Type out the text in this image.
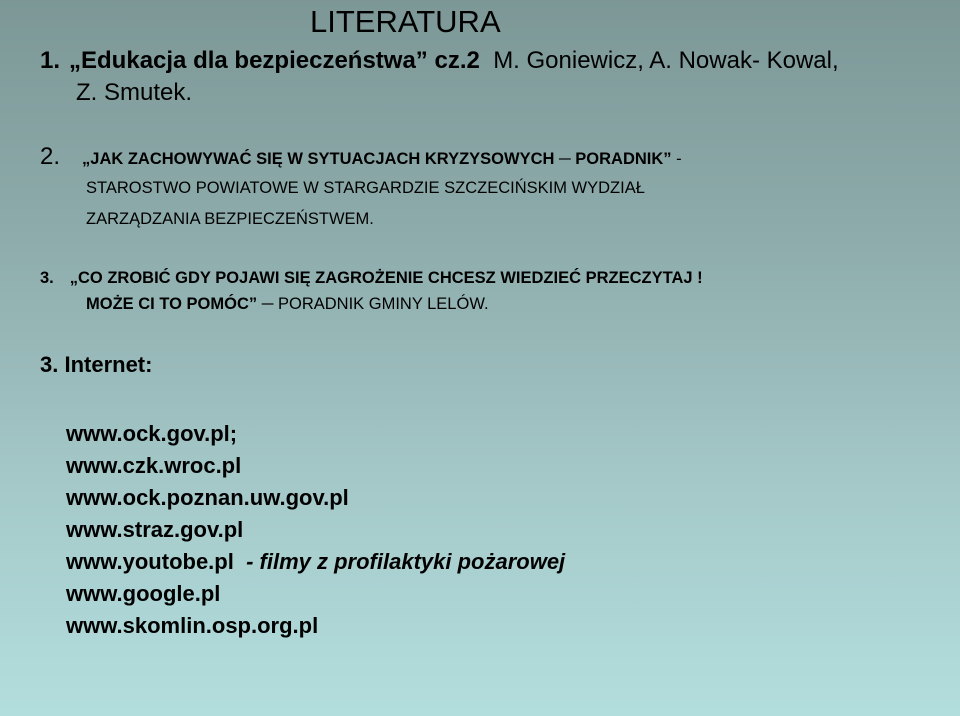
LITERATURA
1. „Edukacja dla bezpieczeństwa” cz.2 M. Goniewicz, A. Nowak- Kowal,
Z. Smutek.
2. „JAK ZACHOWYWAĆ SIĘ W SYTUACJACH KRYZYSOWYCH ─ PORADNIK” -
STAROSTWO POWIATOWE W STARGARDZIE SZCZECIŃSKIM WYDZIAŁ
ZARZĄDZANIA BEZPIECZEŃSTWEM.
3. „CO ZROBIĆ GDY POJAWI SIĘ ZAGROŻENIE CHCESZ WIEDZIEĆ PRZECZYTAJ !
MOŻE CI TO POMÓC” ─ PORADNIK GMINY LELÓW.
3. Internet:
www.ock.gov.pl;
www.czk.wroc.pl
www.ock.poznan.uw.gov.pl
www.straz.gov.pl
www.youtobe.pl  - filmy z profilaktyki pożarowej
www.google.pl
www.skomlin.osp.org.pl
